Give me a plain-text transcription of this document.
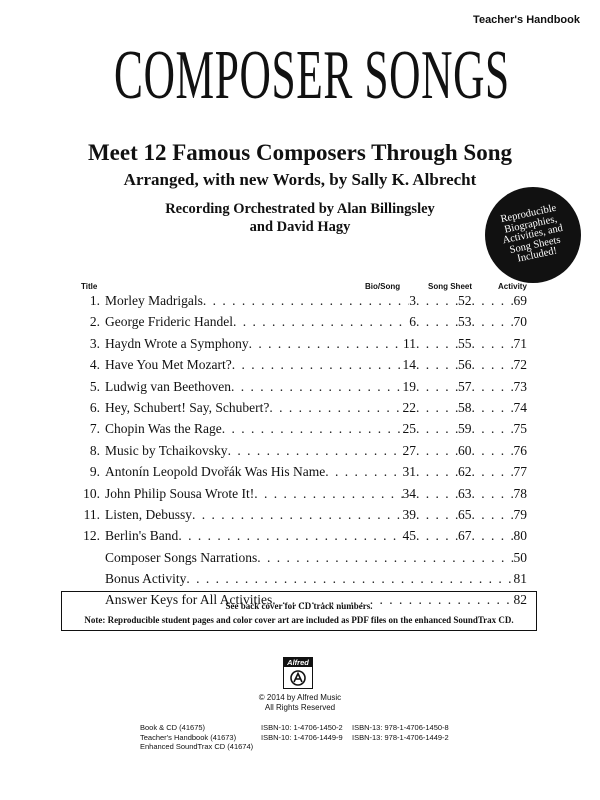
Teacher's Handbook
COMPOSER SONGS
Meet 12 Famous Composers Through Song
Arranged, with new Words, by Sally K. Albrecht
Recording Orchestrated by Alan Billingsley
and David Hagy
Reproducible Biographies, Activities, and Song Sheets Included!
Title	Bio/Song	Song Sheet	Activity
1. Morley Madrigals . . .	3 . . .	52 . . .	69
2. George Frideric Handel . . .	6 . . .	53 . . .	70
3. Haydn Wrote a Symphony . . .	11 . . .	55 . . .	71
4. Have You Met Mozart? . . .	14 . . .	56 . . .	72
5. Ludwig van Beethoven . . .	19 . . .	57 . . .	73
6. Hey, Schubert! Say, Schubert? . . .	22 . . .	58 . . .	74
7. Chopin Was the Rage . . .	25 . . .	59 . . .	75
8. Music by Tchaikovsky . . .	27 . . .	60 . . .	76
9. Antonín Leopold Dvořák Was His Name . . .	31 . . .	62 . . .	77
10. John Philip Sousa Wrote It! . . .	34 . . .	63 . . .	78
11. Listen, Debussy . . .	39 . . .	65 . . .	79
12. Berlin's Band . . .	45 . . .	67 . . .	80
Composer Songs Narrations . . .	50
Bonus Activity . . .	81
Answer Keys for All Activities . . .	82
See back cover for CD track numbers.
Note: Reproducible student pages and color cover art are included as PDF files on the enhanced SoundTrax CD.
Alfred
© 2014 by Alfred Music
All Rights Reserved
Book & CD (41675)	ISBN-10: 1-4706-1450-2 ISBN-13: 978-1-4706-1450-8
Teacher's Handbook (41673)	ISBN-10: 1-4706-1449-9 ISBN-13: 978-1-4706-1449-2
Enhanced SoundTrax CD (41674)
